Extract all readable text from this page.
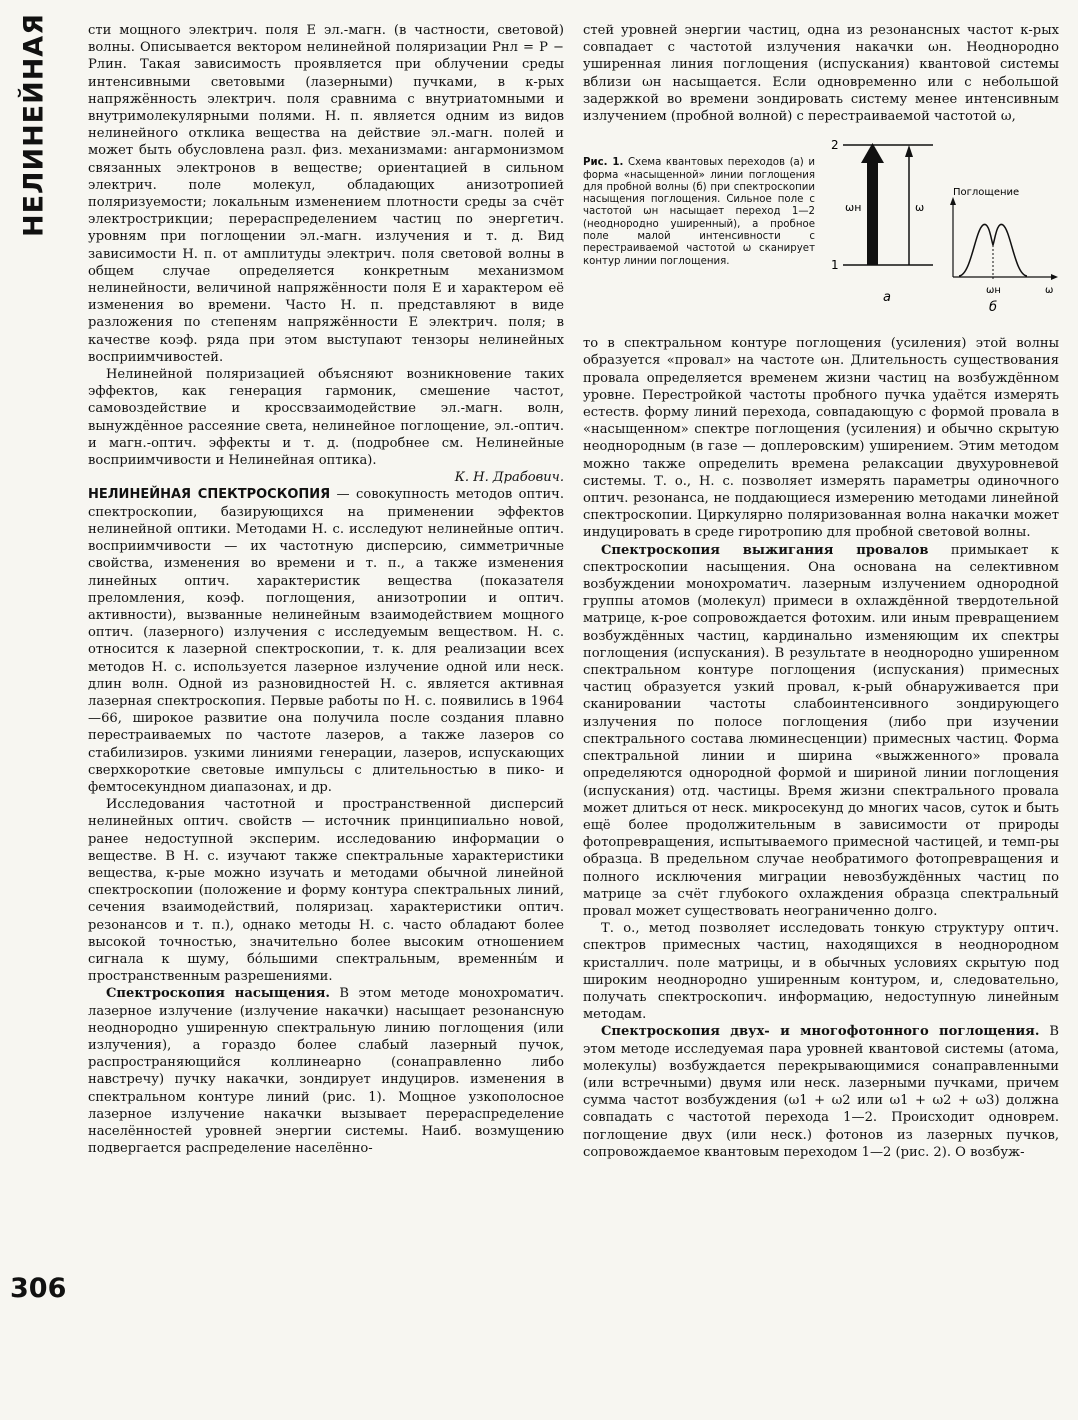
НЕЛИНЕЙНАЯ
306

сти мощного электрич. поля E эл.-магн. (в частности, световой) волны. Описывается вектором нелинейной поляризации Pнл = P − Pлин. Такая зависимость проявляется при облучении среды интенсивными световыми (лазерными) пучками, в к-рых напряжённость электрич. поля сравнима с внутриатомными и внутримолекулярными полями. Н. п. является одним из видов нелинейного отклика вещества на действие эл.-магн. полей и может быть обусловлена разл. физ. механизмами: ангармонизмом связанных электронов в веществе; ориентацией в сильном электрич. поле молекул, обладающих анизотропией поляризуемости; локальным изменением плотности среды за счёт электрострикции; перераспределением частиц по энергетич. уровням при поглощении эл.-магн. излучения и т. д. Вид зависимости Н. п. от амплитуды электрич. поля световой волны в общем случае определяется конкретным механизмом нелинейности, величиной напряжённости поля E и характером её изменения во времени. Часто Н. п. представляют в виде разложения по степеням напряжённости E электрич. поля; в качестве коэф. ряда при этом выступают тензоры нелинейных восприимчивостей.

Нелинейной поляризацией объясняют возникновение таких эффектов, как генерация гармоник, смешение частот, самовоздействие и кроссвзаимодействие эл.-магн. волн, вынуждённое рассеяние света, нелинейное поглощение, эл.-оптич. и магн.-оптич. эффекты и т. д. (подробнее см. Нелинейные восприимчивости и Нелинейная оптика).

К. Н. Драбович.

НЕЛИНЕЙНАЯ СПЕКТРОСКОПИЯ — совокупность методов оптич. спектроскопии, базирующихся на применении эффектов нелинейной оптики. Методами Н. с. исследуют нелинейные оптич. восприимчивости — их частотную дисперсию, симметричные свойства, изменения во времени и т. п., а также изменения линейных оптич. характеристик вещества (показателя преломления, коэф. поглощения, анизотропии и оптич. активности), вызванные нелинейным взаимодействием мощного оптич. (лазерного) излучения с исследуемым веществом. Н. с. относится к лазерной спектроскопии, т. к. для реализации всех методов Н. с. используется лазерное излучение одной или неск. длин волн. Одной из разновидностей Н. с. является активная лазерная спектроскопия. Первые работы по Н. с. появились в 1964—66, широкое развитие она получила после создания плавно перестраиваемых по частоте лазеров, а также лазеров со стабилизиров. узкими линиями генерации, лазеров, испускающих сверхкороткие световые импульсы с длительностью в пико- и фемтосекундном диапазонах, и др.

Исследования частотной и пространственной дисперсий нелинейных оптич. свойств — источник принципиально новой, ранее недоступной эксперим. исследованию информации о веществе. В Н. с. изучают также спектральные характеристики вещества, к-рые можно изучать и методами обычной линейной спектроскопии (положение и форму контура спектральных линий, сечения взаимодействий, поляризац. характеристики оптич. резонансов и т. п.), однако методы Н. с. часто обладают более высокой точностью, значительно более высоким отношением сигнала к шуму, бо́льшими спектральным, временны́м и пространственным разрешениями.

Спектроскопия насыщения. В этом методе монохроматич. лазерное излучение (излучение накачки) насыщает резонансную неоднородно уширенную спектральную линию поглощения (или излучения), а гораздо более слабый лазерный пучок, распространяющийся коллинеарно (сонаправленно либо навстречу) пучку накачки, зондирует индуциров. изменения в спектральном контуре линий (рис. 1). Мощное узкополосное лазерное излучение накачки вызывает перераспределение населённостей уровней энергии системы. Наиб. возмущению подвергается распределение населённо-

стей уровней энергии частиц, одна из резонансных частот к-рых совпадает с частотой излучения накачки ωн. Неоднородно уширенная линия поглощения (испускания) квантовой системы вблизи ωн насыщается. Если одновременно или с небольшой задержкой во времени зондировать систему менее интенсивным излучением (пробной волной) с перестраиваемой частотой ω,

Рис. 1. Схема квантовых переходов (а) и форма «насыщенной» линии поглощения для пробной волны (б) при спектроскопии насыщения поглощения. Сильное поле с частотой ωн насыщает переход 1—2 (неоднородно уширенный), а пробное поле малой интенсивности с перестраиваемой частотой ω сканирует контур линии поглощения.
2
1
ωн	ω
а
Поглощение
ωн	ω
б

то в спектральном контуре поглощения (усиления) этой волны образуется «провал» на частоте ωн. Длительность существования провала определяется временем жизни частиц на возбуждённом уровне. Перестройкой частоты пробного пучка удаётся измерять естеств. форму линий перехода, совпадающую с формой провала в «насыщенном» спектре поглощения (усиления) и обычно скрытую неоднородным (в газе — доплеровским) уширением. Этим методом можно также определить времена релаксации двухуровневой системы. Т. о., Н. с. позволяет измерять параметры одиночного оптич. резонанса, не поддающиеся измерению методами линейной спектроскопии. Циркулярно поляризованная волна накачки может индуцировать в среде гиротропию для пробной световой волны.

Спектроскопия выжигания провалов примыкает к спектроскопии насыщения. Она основана на селективном возбуждении монохроматич. лазерным излучением однородной группы атомов (молекул) примеси в охлаждённой твердотельной матрице, к-рое сопровождается фотохим. или иным превращением возбуждённых частиц, кардинально изменяющим их спектры поглощения (испускания). В результате в неоднородно уширенном спектральном контуре поглощения (испускания) примесных частиц образуется узкий провал, к-рый обнаруживается при сканировании частоты слабоинтенсивного зондирующего излучения по полосе поглощения (либо при изучении спектрального состава люминесценции) примесных частиц. Форма спектральной линии и ширина «выжженного» провала определяются однородной формой и шириной линии поглощения (испускания) отд. частицы. Время жизни спектрального провала может длиться от неск. микросекунд до многих часов, суток и быть ещё более продолжительным в зависимости от природы фотопревращения, испытываемого примесной частицей, и темп-ры образца. В предельном случае необратимого фотопревращения и полного исключения миграции невозбуждённых частиц по матрице за счёт глубокого охлаждения образца спектральный провал может существовать неограниченно долго.

Т. о., метод позволяет исследовать тонкую структуру оптич. спектров примесных частиц, находящихся в неоднородном кристаллич. поле матрицы, и в обычных условиях скрытую под широким неоднородно уширенным контуром, и, следовательно, получать спектроскопич. информацию, недоступную линейным методам.

Спектроскопия двух- и многофотонного поглощения. В этом методе исследуемая пара уровней квантовой системы (атома, молекулы) возбуждается перекрывающимися сонаправленными (или встречными) двумя или неск. лазерными пучками, причем сумма частот возбуждения (ω1 + ω2 или ω1 + ω2 + ω3) должна совпадать с частотой перехода 1—2. Происходит одноврем. поглощение двух (или неск.) фотонов из лазерных пучков, сопровождаемое квантовым переходом 1—2 (рис. 2). О возбуж-
